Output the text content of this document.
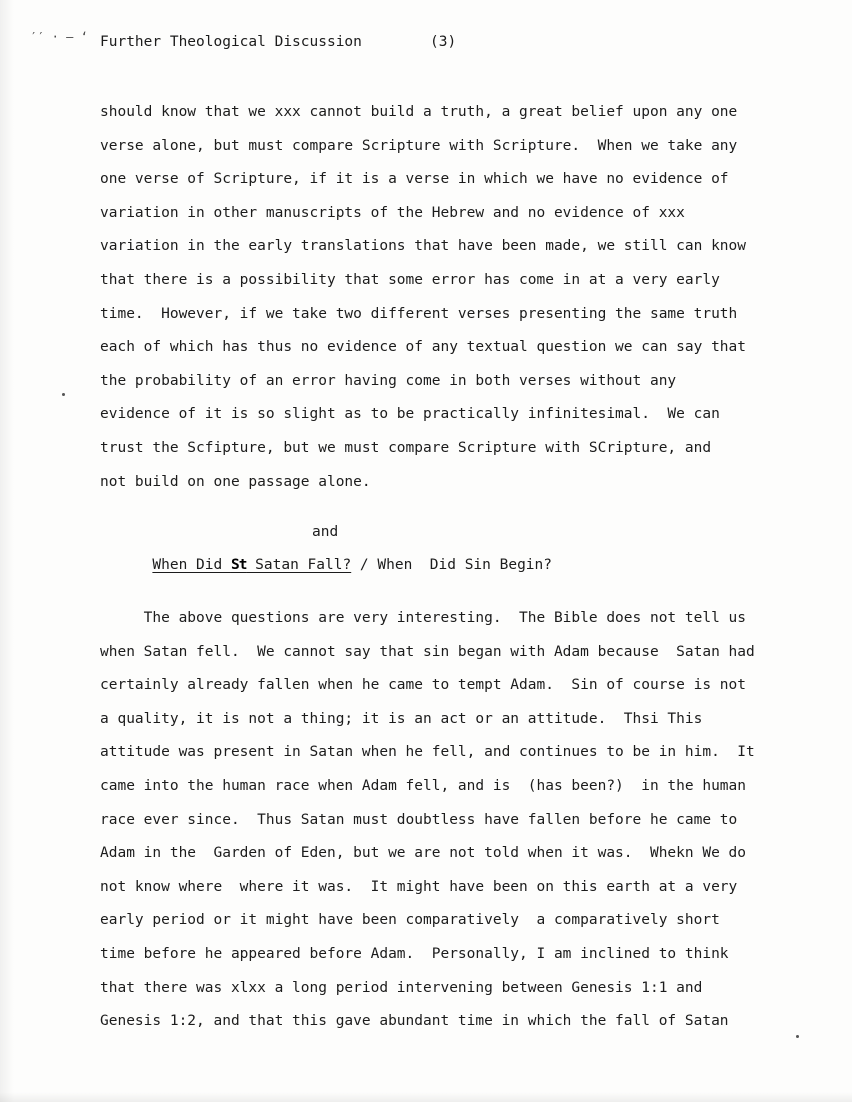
′′ · ‒ ‘ Further Theological Discussion	(3)
should know that we xxx cannot build a truth, a great belief upon any one
verse alone, but must compare Scripture with Scripture.  When we take any
one verse of Scripture, if it is a verse in which we have no evidence of
variation in other manuscripts of the Hebrew and no evidence of xxx
variation in the early translations that have been made, we still can know
that there is a possibility that some error has come in at a very early
time.  However, if we take two different verses presenting the same truth
each of which has thus no evidence of any textual question we can say that
the probability of an error having come in both verses without any
evidence of it is so slight as to be practically infinitesimal.  We can
trust the Scfipture, but we must compare Scripture with SCripture, and
not build on one passage alone.
and

When Did St Satan Fall? / When  Did Sin Begin?

The above questions are very interesting.  The Bible does not tell us
when Satan fell.  We cannot say that sin began with Adam because  Satan had
certainly already fallen when he came to tempt Adam.  Sin of course is not
a quality, it is not a thing; it is an act or an attitude.  Thsi This
attitude was present in Satan when he fell, and continues to be in him.  It
came into the human race when Adam fell, and is  (has been?)  in the human
race ever since.  Thus Satan must doubtless have fallen before he came to
Adam in the  Garden of Eden, but we are not told when it was.  Whekn We do
not know where  where it was.  It might have been on this earth at a very
early period or it might have been comparatively  a comparatively short
time before he appeared before Adam.  Personally, I am inclined to think
that there was xlxx a long period intervening between Genesis 1:1 and
Genesis 1:2, and that this gave abundant time in which the fall of Satan
